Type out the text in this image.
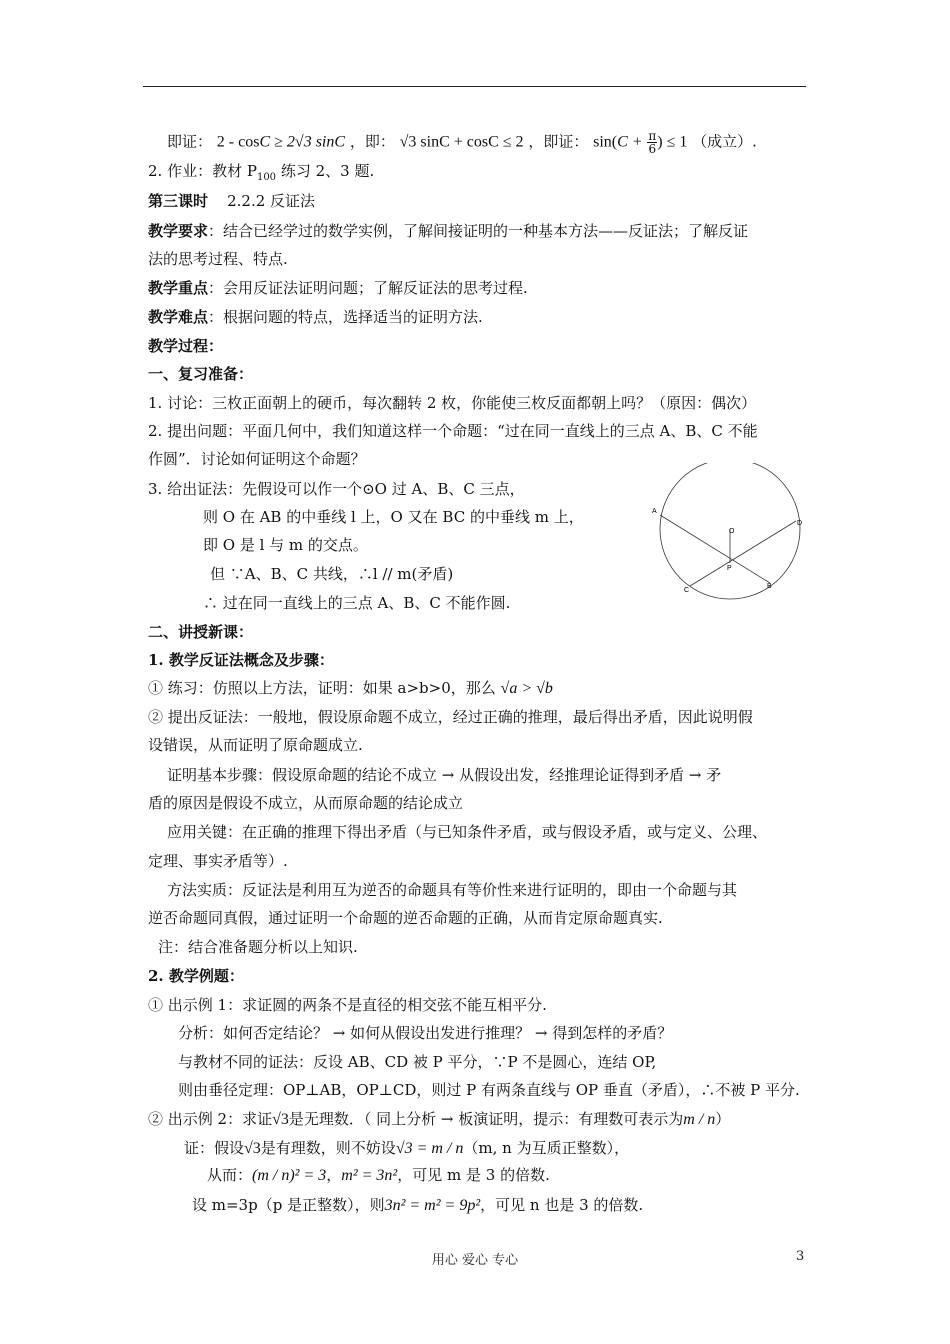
即证： 2 - cosC ≥ 2√3 sinC ，即： √3 sinC + cosC ≤ 2 ，即证： $\sin(C + \frac{\pi}{6}$ ) ≤ 1 （成立）.
2. 作业：教材 $P_{100}$ 练习 2、3 题.
第三课时 2.2.2 反证法
教学要求：结合已经学过的数学实例，了解间接证明的一种基本方法——反证法；了解反证
法的思考过程、特点.
教学重点：会用反证法证明问题；了解反证法的思考过程.
教学难点：根据问题的特点，选择适当的证明方法.
教学过程：
一、复习准备：
1. 讨论：三枚正面朝上的硬币，每次翻转 2 枚，你能使三枚反面都朝上吗？（原因：偶次）
2. 提出问题：平面几何中，我们知道这样一个命题：“过在同一直线上的三点 A、B、C 不能
作圆”．讨论如何证明这个命题？
3. 给出证法：先假设可以作一个⊙O 过 A、B、C 三点，
则 O 在 AB 的中垂线 l 上，O 又在 BC 的中垂线 m 上，
即 O 是 l 与 m 的交点。
但 ∵A、B、C 共线，∴l // m(矛盾)
∴ 过在同一直线上的三点 A、B、C 不能作圆.
A
D
O
P
C
B
二、讲授新课：
1. 教学反证法概念及步骤：
① 练习：仿照以上方法，证明：如果 a>b>0，那么 √a > √b
② 提出反证法：一般地，假设原命题不成立，经过正确的推理，最后得出矛盾，因此说明假
设错误，从而证明了原命题成立.
证明基本步骤：假设原命题的结论不成立 → 从假设出发，经推理论证得到矛盾 → 矛
盾的原因是假设不成立，从而原命题的结论成立
应用关键：在正确的推理下得出矛盾（与已知条件矛盾，或与假设矛盾，或与定义、公理、
定理、事实矛盾等）.
方法实质：反证法是利用互为逆否的命题具有等价性来进行证明的，即由一个命题与其
逆否命题同真假，通过证明一个命题的逆否命题的正确，从而肯定原命题真实.
注：结合准备题分析以上知识.
2. 教学例题：
① 出示例 1：求证圆的两条不是直径的相交弦不能互相平分.
分析：如何否定结论？ → 如何从假设出发进行推理？ → 得到怎样的矛盾？
与教材不同的证法：反设 AB、CD 被 P 平分，∵P 不是圆心，连结 OP,
则由垂径定理：OP⊥AB，OP⊥CD，则过 P 有两条直线与 OP 垂直（矛盾），∴不被 P 平分.
② 出示例 2：求证√3是无理数．（ 同上分析 → 板演证明，提示：有理数可表示为m / n）
证：假设√3是有理数，则不妨设√3 = m / n（m, n 为互质正整数），
从而：(m / n)² = 3，m² = 3n²，可见 m 是 3 的倍数.
设 m=3p（p 是正整数），则3n² = m² = 9p²，可见 n 也是 3 的倍数.
用心 爱心 专心	3
